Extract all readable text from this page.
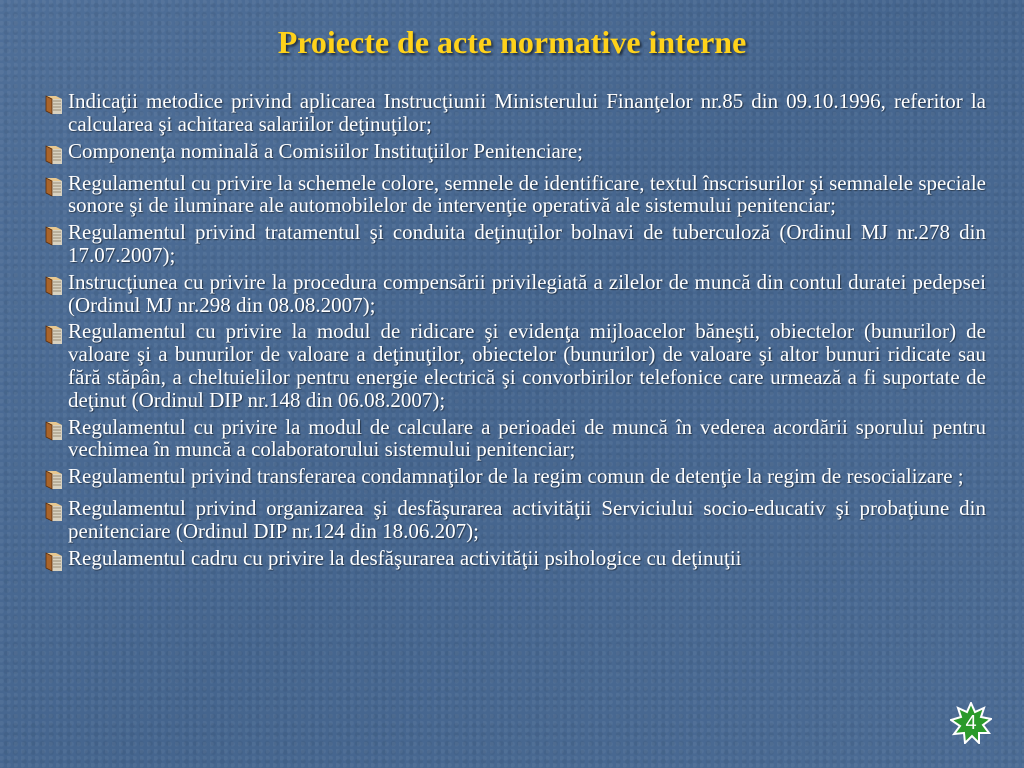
Proiecte de acte normative interne
Indicaţii metodice privind aplicarea Instrucţiunii Ministerului Finanţelor nr.85 din 09.10.1996, referitor la calcularea şi achitarea salariilor deţinuţilor;
Componenţa nominală a Comisiilor Instituţiilor Penitenciare;
Regulamentul cu privire la schemele colore, semnele de identificare, textul înscrisurilor şi semnalele speciale sonore şi de iluminare ale automobilelor de intervenţie operativă ale sistemului penitenciar;
Regulamentul privind tratamentul şi conduita deţinuţilor bolnavi de tuberculoză (Ordinul MJ nr.278 din 17.07.2007);
Instrucţiunea cu privire la procedura compensării privilegiată a zilelor de muncă din contul duratei pedepsei (Ordinul MJ nr.298 din 08.08.2007);
Regulamentul cu privire la modul de ridicare şi evidenţa mijloacelor băneşti, obiectelor (bunurilor) de valoare şi a bunurilor de valoare a deţinuţilor, obiectelor (bunurilor) de valoare şi altor bunuri ridicate sau fără stăpân, a cheltuielilor pentru energie electrică şi convorbirilor telefonice care urmează a fi suportate de deţinut (Ordinul DIP nr.148 din 06.08.2007);
Regulamentul cu privire la modul de calculare a perioadei de muncă în vederea acordării sporului pentru vechimea în muncă a colaboratorului sistemului penitenciar;
Regulamentul privind transferarea condamnaţilor de la regim comun de detenţie la regim de resocializare ;
Regulamentul privind organizarea şi desfăşurarea activităţii Serviciului socio-educativ şi probaţiune din penitenciare (Ordinul DIP nr.124 din 18.06.207);
Regulamentul cadru cu privire la desfăşurarea activităţii psihologice cu deţinuţii
4
